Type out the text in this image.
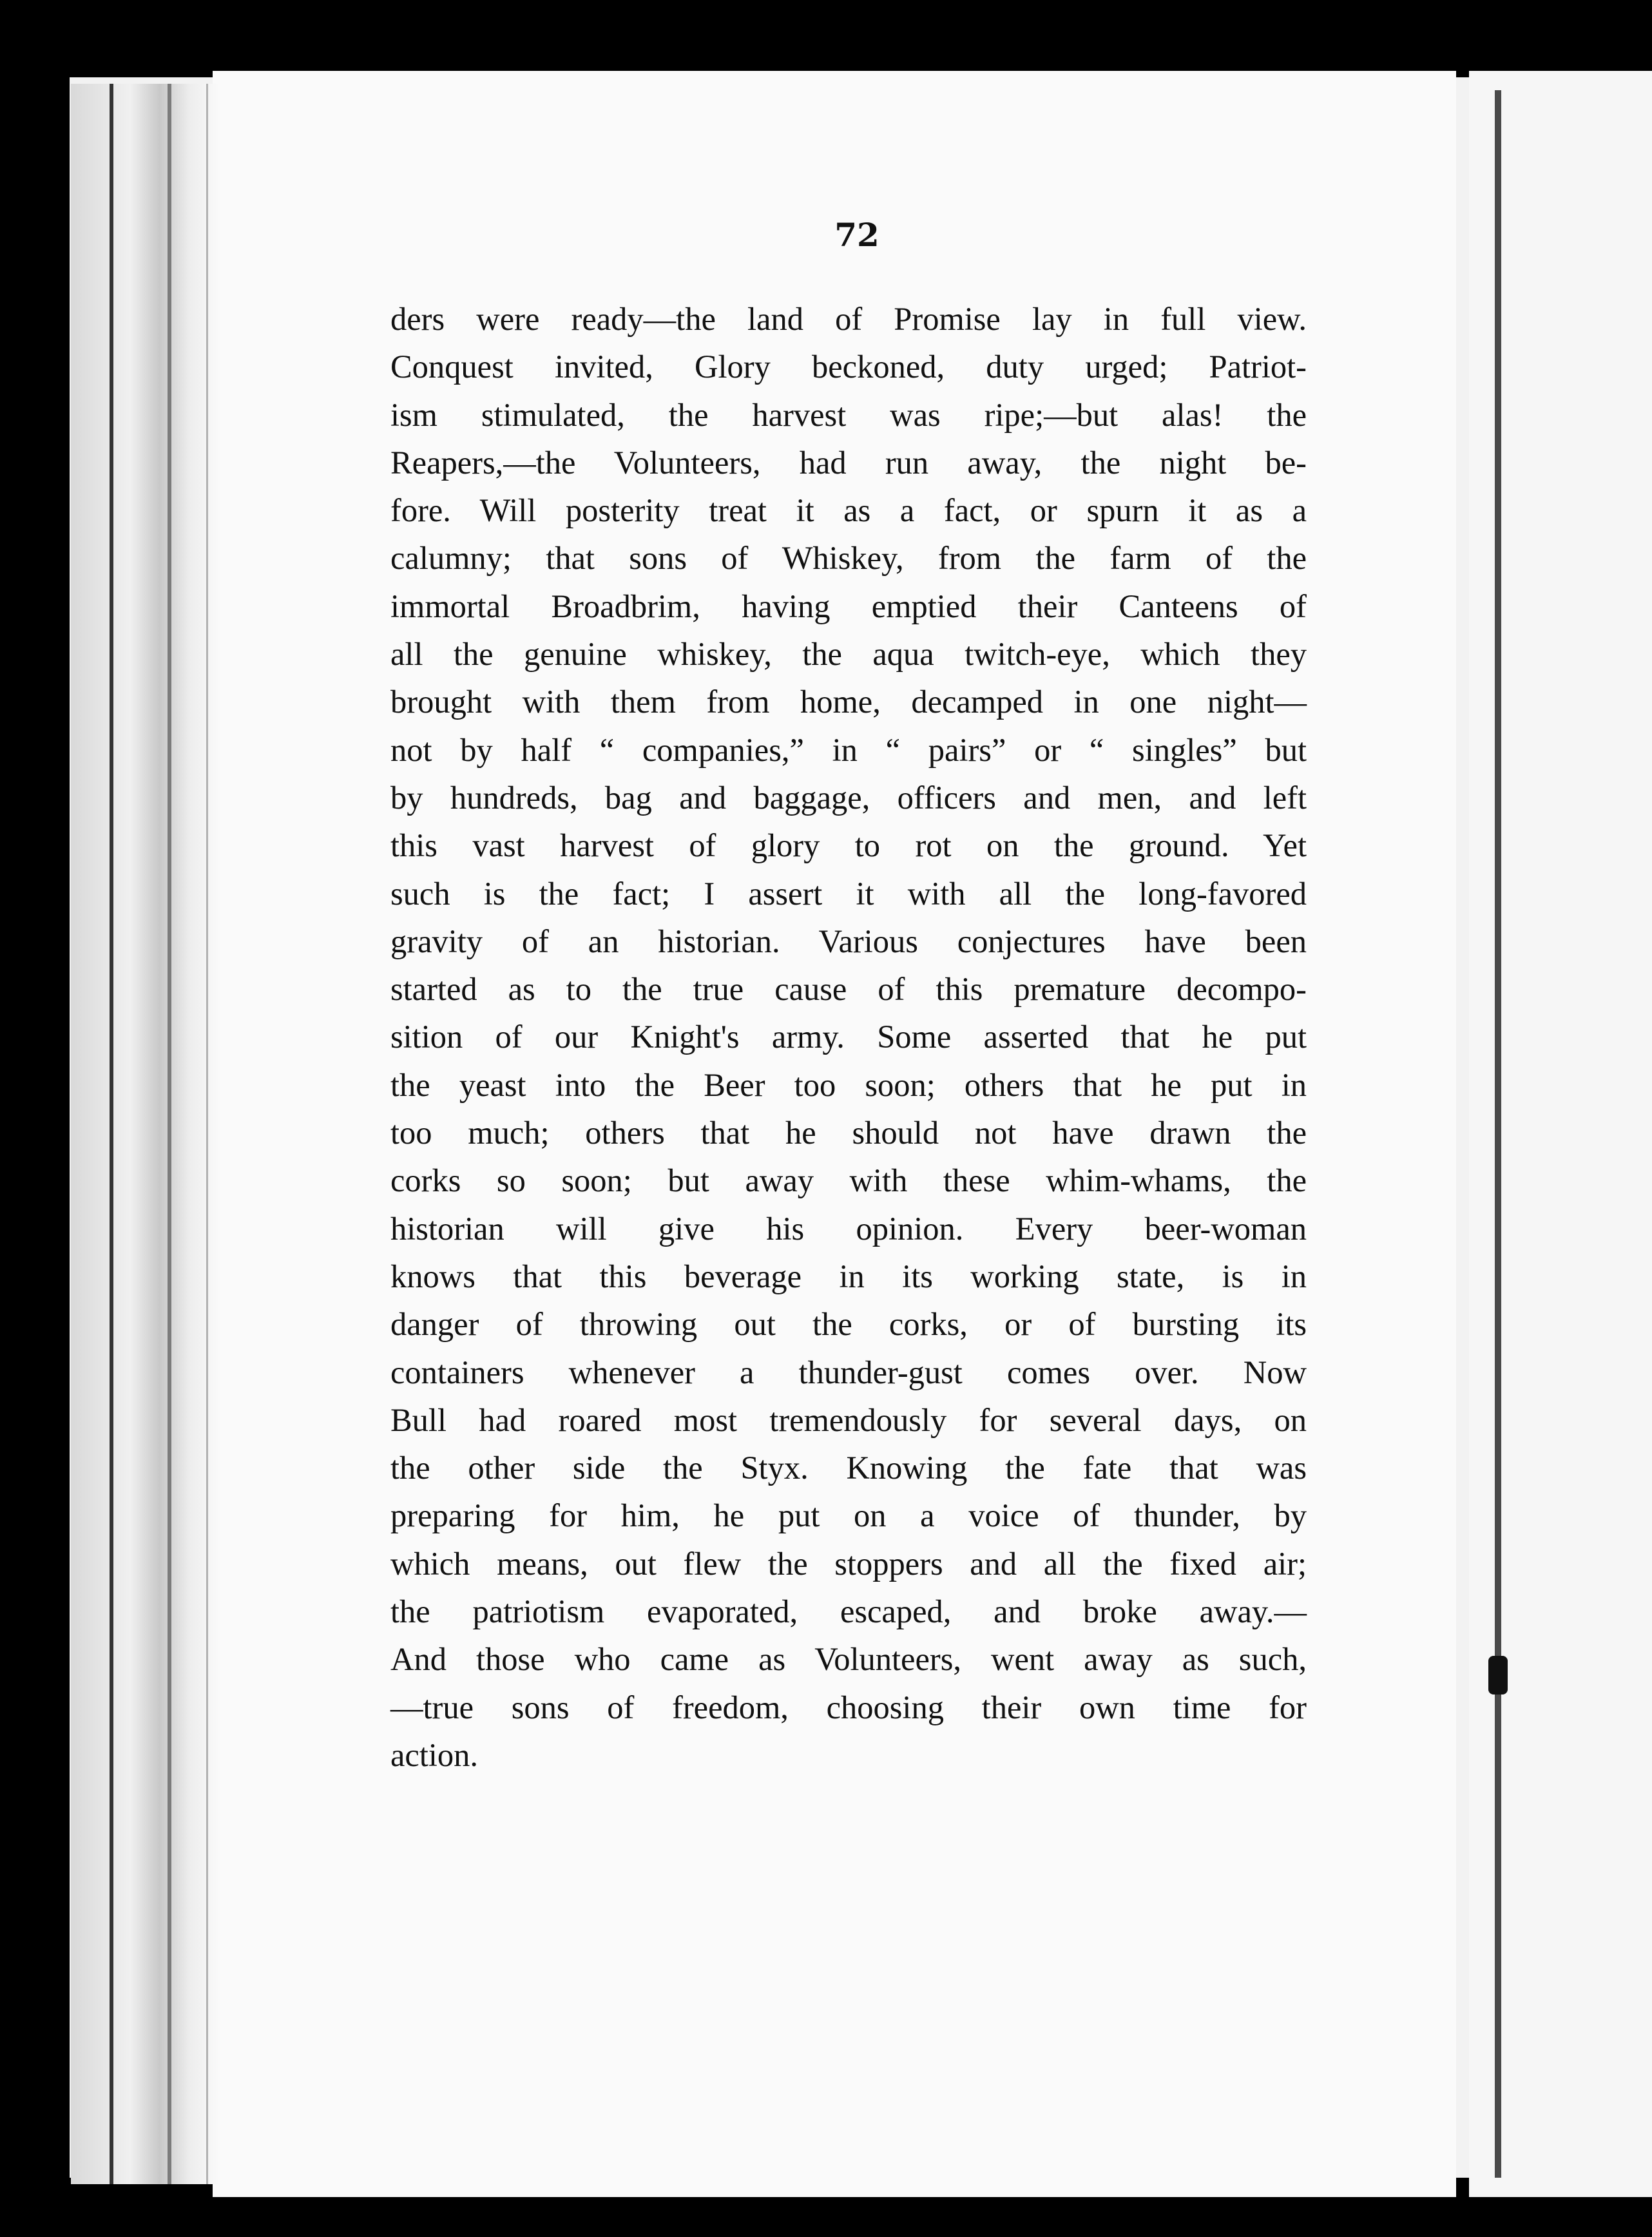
72
ders were ready—the land of Promise lay in full view.
Conquest invited, Glory beckoned, duty urged; Patriot-
ism stimulated, the harvest was ripe;—but alas! the
Reapers,—the Volunteers, had run away, the night be-
fore. Will posterity treat it as a fact, or spurn it as a
calumny; that sons of Whiskey, from the farm of the
immortal Broadbrim, having emptied their Canteens of
all the genuine whiskey, the aqua twitch-eye, which they
brought with them from home, decamped in one night—
not by half “ companies,” in “ pairs” or “ singles” but
by hundreds, bag and baggage, officers and men, and left
this vast harvest of glory to rot on the ground. Yet
such is the fact; I assert it with all the long-favored
gravity of an historian. Various conjectures have been
started as to the true cause of this premature decompo-
sition of our Knight's army. Some asserted that he put
the yeast into the Beer too soon; others that he put in
too much; others that he should not have drawn the
corks so soon; but away with these whim-whams, the
historian will give his opinion. Every beer-woman
knows that this beverage in its working state, is in
danger of throwing out the corks, or of bursting its
containers whenever a thunder-gust comes over. Now
Bull had roared most tremendously for several days, on
the other side the Styx. Knowing the fate that was
preparing for him, he put on a voice of thunder, by
which means, out flew the stoppers and all the fixed air;
the patriotism evaporated, escaped, and broke away.—
And those who came as Volunteers, went away as such,
—true sons of freedom, choosing their own time for
action.
